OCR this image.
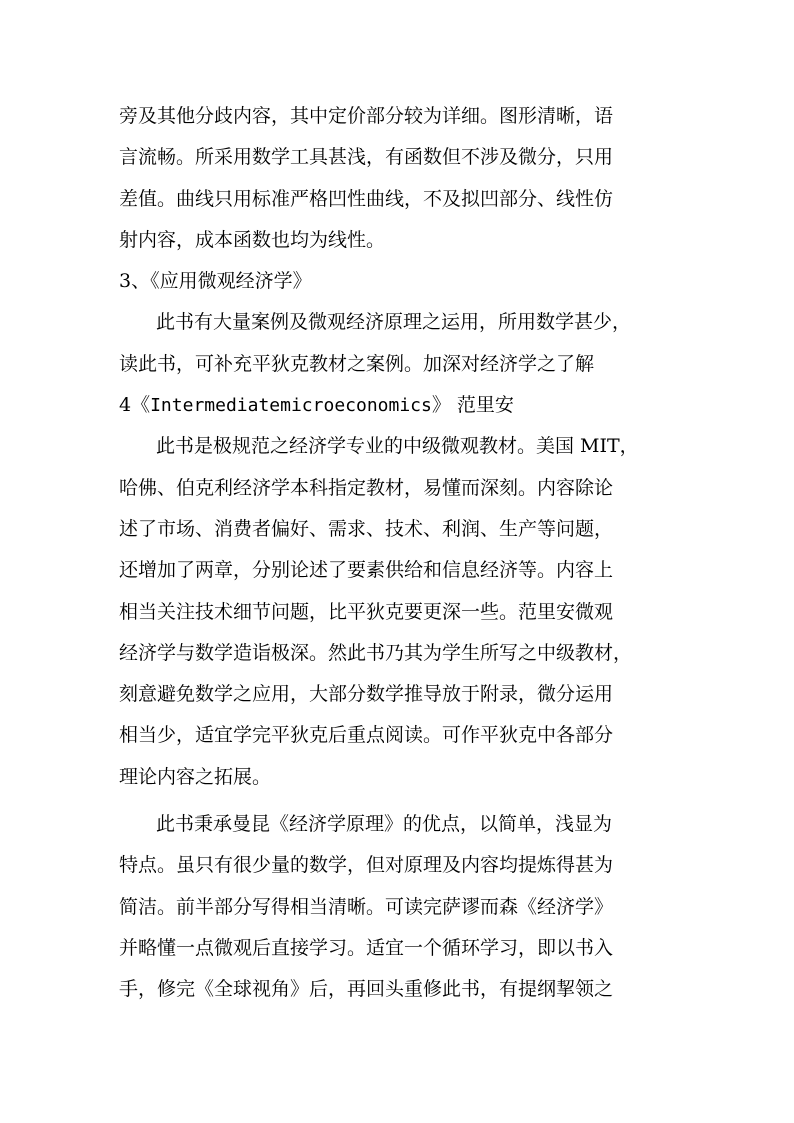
旁及其他分歧内容，其中定价部分较为详细。图形清晰，语
言流畅。所采用数学工具甚浅，有函数但不涉及微分，只用
差值。曲线只用标准严格凹性曲线，不及拟凹部分、线性仿
射内容，成本函数也均为线性。

3、《应用微观经济学》

此书有大量案例及微观经济原理之运用，所用数学甚少，
读此书，可补充平狄克教材之案例。加深对经济学之了解

4《Intermediatemicroeconomics》 范里安

此书是极规范之经济学专业的中级微观教材。美国 MIT，
哈佛、伯克利经济学本科指定教材，易懂而深刻。内容除论
述了市场、消费者偏好、需求、技术、利润、生产等问题，
还增加了两章，分别论述了要素供给和信息经济等。内容上
相当关注技术细节问题，比平狄克要更深一些。范里安微观
经济学与数学造诣极深。然此书乃其为学生所写之中级教材，
刻意避免数学之应用，大部分数学推导放于附录，微分运用
相当少，适宜学完平狄克后重点阅读。可作平狄克中各部分
理论内容之拓展。

此书秉承曼昆《经济学原理》的优点，以简单，浅显为
特点。虽只有很少量的数学，但对原理及内容均提炼得甚为
简洁。前半部分写得相当清晰。可读完萨谬而森《经济学》
并略懂一点微观后直接学习。适宜一个循环学习，即以书入
手，修完《全球视角》后，再回头重修此书，有提纲挈领之
